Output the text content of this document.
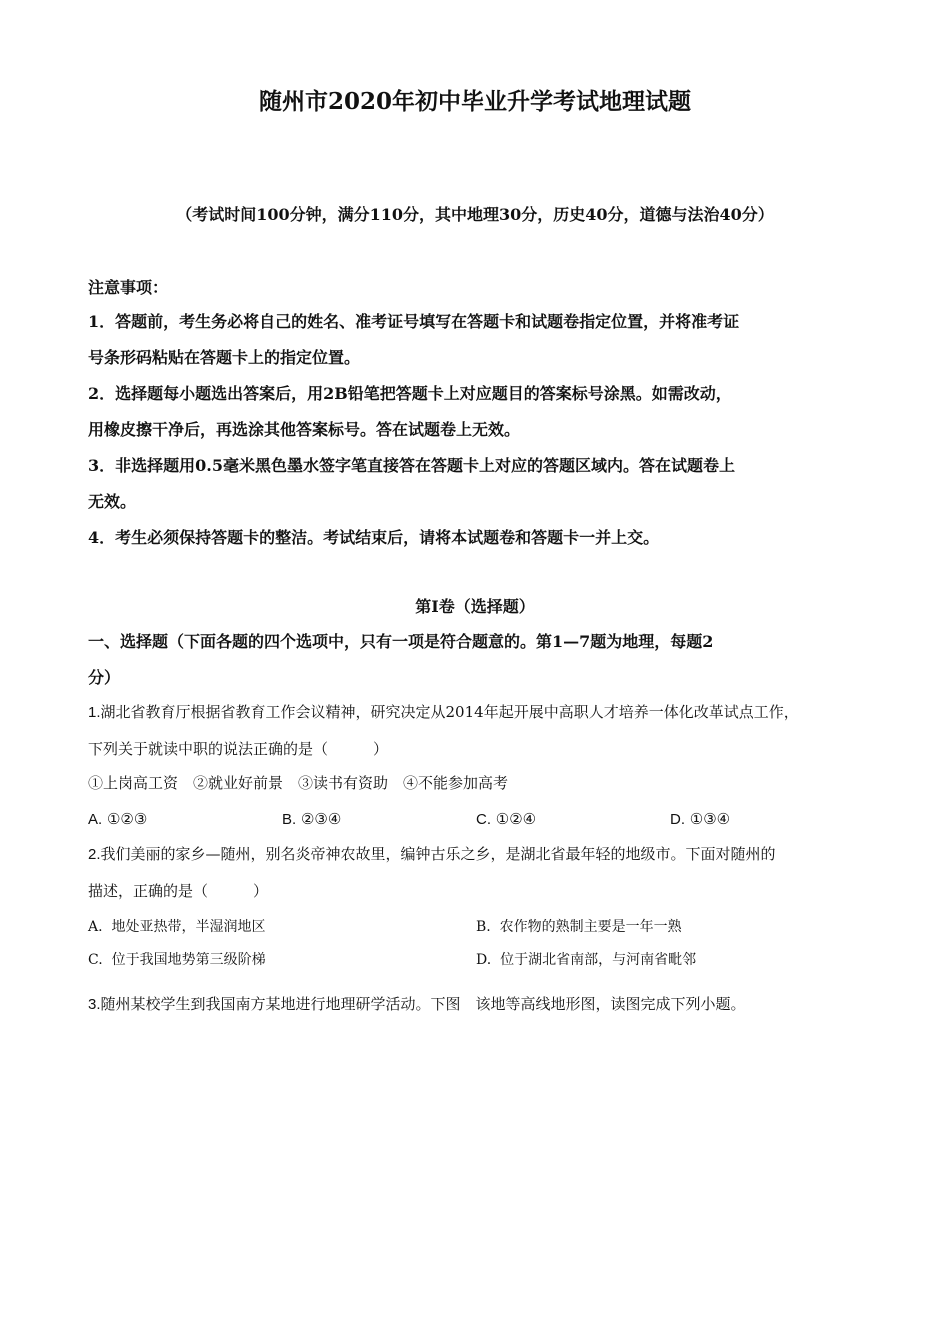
随州市2020年初中毕业升学考试地理试题
（考试时间100分钟，满分110分，其中地理30分，历史40分，道德与法治40分）
注意事项：
1．答题前，考生务必将自己的姓名、准考证号填写在答题卡和试题卷指定位置，并将准考证
号条形码粘贴在答题卡上的指定位置。
2．选择题每小题选出答案后，用2B铅笔把答题卡上对应题目的答案标号涂黑。如需改动，
用橡皮擦干净后，再选涂其他答案标号。答在试题卷上无效。
3．非选择题用0.5毫米黑色墨水签字笔直接答在答题卡上对应的答题区域内。答在试题卷上
无效。
4．考生必须保持答题卡的整洁。考试结束后，请将本试题卷和答题卡一并上交。
第Ⅰ卷（选择题）
一、选择题（下面各题的四个选项中，只有一项是符合题意的。第1—7题为地理，每题2
分）
1.湖北省教育厅根据省教育工作会议精神，研究决定从2014年起开展中高职人才培养一体化改革试点工作，
下列关于就读中职的说法正确的是（　　　）
①上岗高工资　②就业好前景　③读书有资助　④不能参加高考
A. ①②③	B. ②③④	C. ①②④	D. ①③④
2.我们美丽的家乡—随州，别名炎帝神农故里，编钟古乐之乡，是湖北省最年轻的地级市。下面对随州的
描述，正确的是（　　　）
A. 地处亚热带，半湿润地区	B. 农作物的熟制主要是一年一熟
C. 位于我国地势第三级阶梯	D. 位于湖北省南部，与河南省毗邻
3.随州某校学生到我国南方某地进行地理研学活动。下图　该地等高线地形图，读图完成下列小题。
